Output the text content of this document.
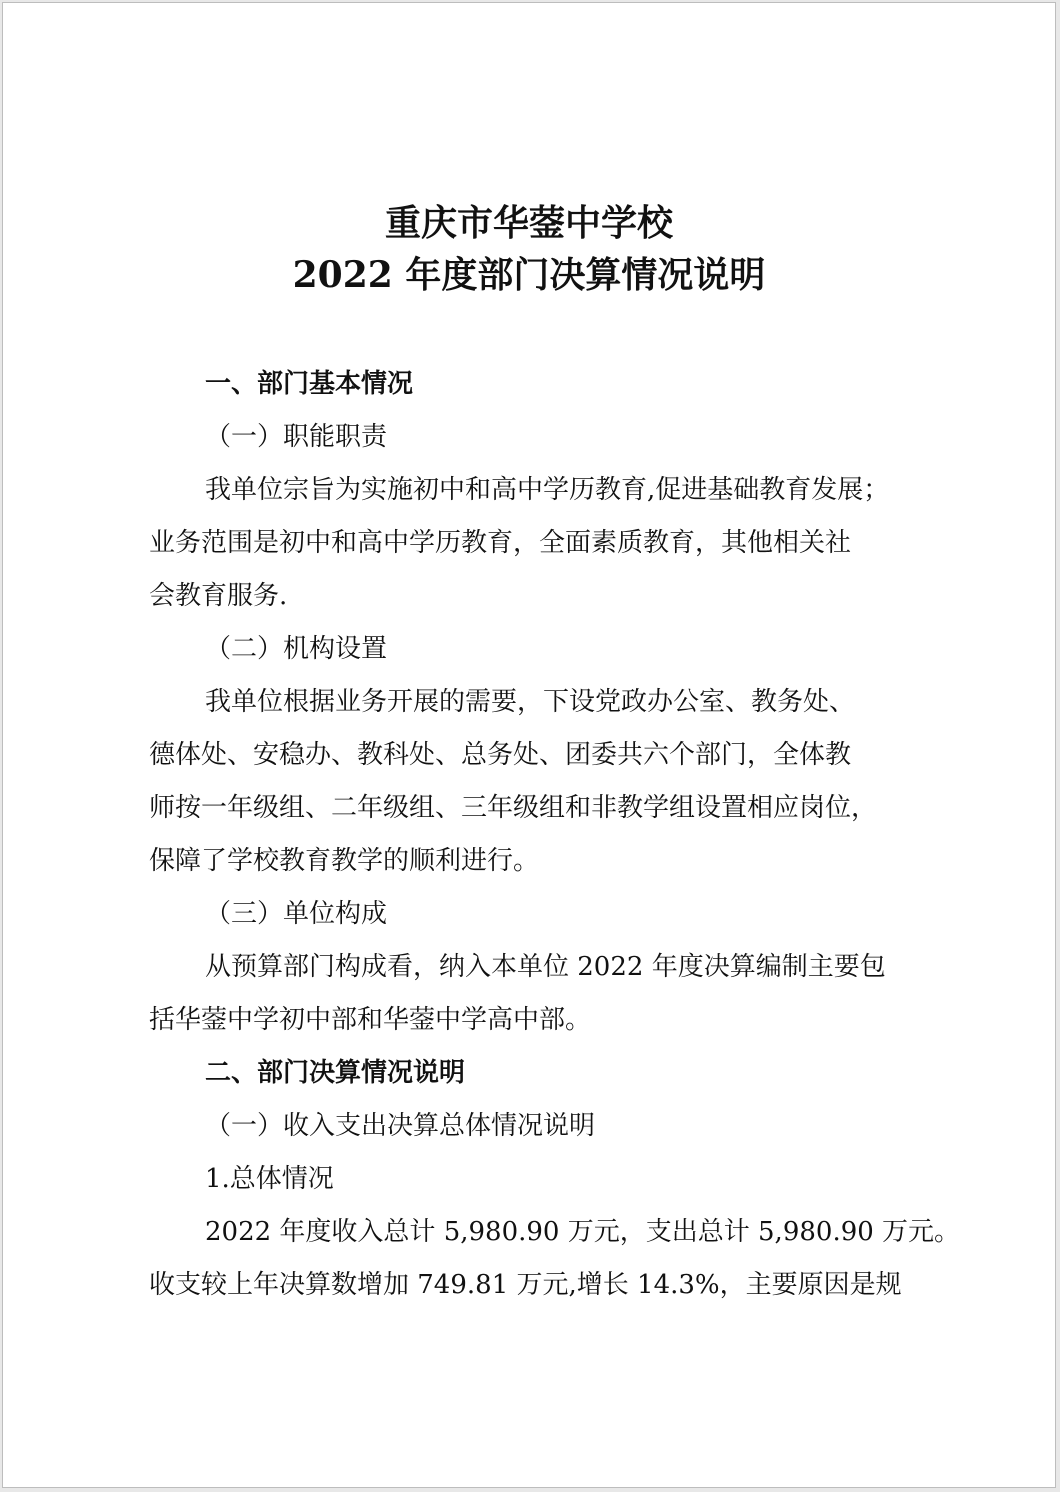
重庆市华蓥中学校
2022 年度部门决算情况说明

一、部门基本情况

（一）职能职责

我单位宗旨为实施初中和高中学历教育,促进基础教育发展；

业务范围是初中和高中学历教育，全面素质教育，其他相关社

会教育服务.

（二）机构设置

我单位根据业务开展的需要，下设党政办公室、教务处、

德体处、安稳办、教科处、总务处、团委共六个部门，全体教

师按一年级组、二年级组、三年级组和非教学组设置相应岗位，

保障了学校教育教学的顺利进行。

（三）单位构成

从预算部门构成看，纳入本单位 2022 年度决算编制主要包

括华蓥中学初中部和华蓥中学高中部。

二、部门决算情况说明

（一）收入支出决算总体情况说明

1.总体情况

2022 年度收入总计 5,980.90 万元，支出总计 5,980.90 万元。

收支较上年决算数增加 749.81 万元,增长 14.3%，主要原因是规
